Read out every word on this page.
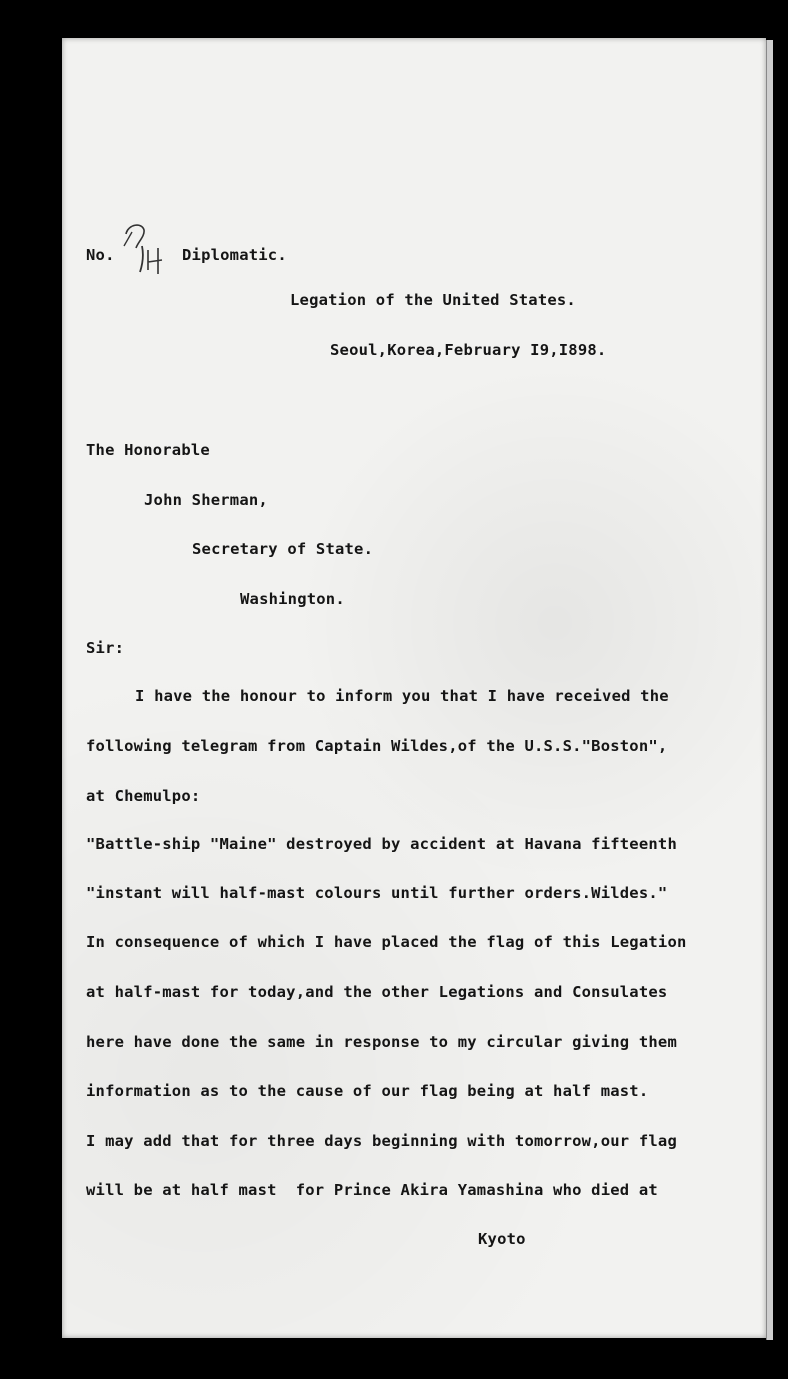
No.	Diplomatic.
Legation of the United States.
Seoul,Korea,February I9,I898.
The Honorable
John Sherman,
Secretary of State.
Washington.
Sir:
I have the honour to inform you that I have received the
following telegram from Captain Wildes,of the U.S.S."Boston",
at Chemulpo:
"Battle-ship "Maine" destroyed by accident at Havana fifteenth
"instant will half-mast colours until further orders.Wildes."
In consequence of which I have placed the flag of this Legation
at half-mast for today,and the other Legations and Consulates
here have done the same in response to my circular giving them
information as to the cause of our flag being at half mast.
I may add that for three days beginning with tomorrow,our flag
will be at half mast  for Prince Akira Yamashina who died at
Kyoto
